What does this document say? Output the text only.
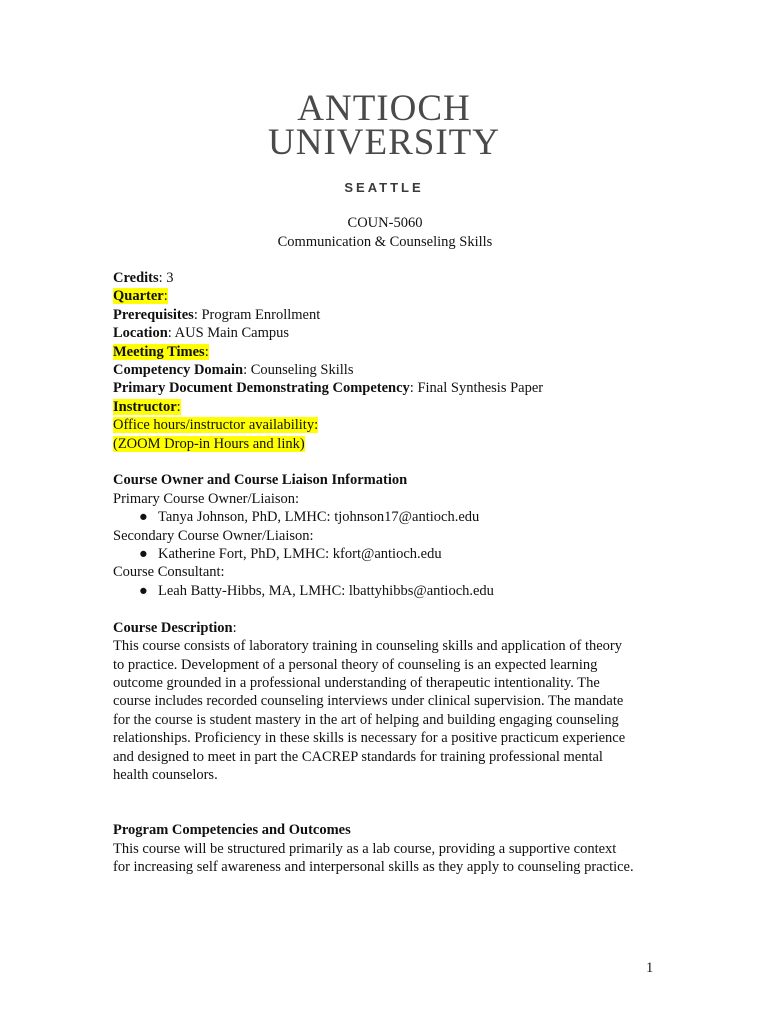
ANTIOCH
UNIVERSITY
SEATTLE
COUN-5060
Communication & Counseling Skills
Credits: 3
Quarter:
Prerequisites: Program Enrollment
Location: AUS Main Campus
Meeting Times:
Competency Domain: Counseling Skills
Primary Document Demonstrating Competency: Final Synthesis Paper
Instructor:
Office hours/instructor availability:
(ZOOM Drop-in Hours and link)
Course Owner and Course Liaison Information
Primary Course Owner/Liaison:
● Tanya Johnson, PhD, LMHC: tjohnson17@antioch.edu
Secondary Course Owner/Liaison:
● Katherine Fort, PhD, LMHC: kfort@antioch.edu
Course Consultant:
● Leah Batty-Hibbs, MA, LMHC: lbattyhibbs@antioch.edu
Course Description:
This course consists of laboratory training in counseling skills and application of theory
to practice. Development of a personal theory of counseling is an expected learning
outcome grounded in a professional understanding of therapeutic intentionality. The
course includes recorded counseling interviews under clinical supervision. The mandate
for the course is student mastery in the art of helping and building engaging counseling
relationships. Proficiency in these skills is necessary for a positive practicum experience
and designed to meet in part the CACREP standards for training professional mental
health counselors.
Program Competencies and Outcomes
This course will be structured primarily as a lab course, providing a supportive context
for increasing self awareness and interpersonal skills as they apply to counseling practice.
1
